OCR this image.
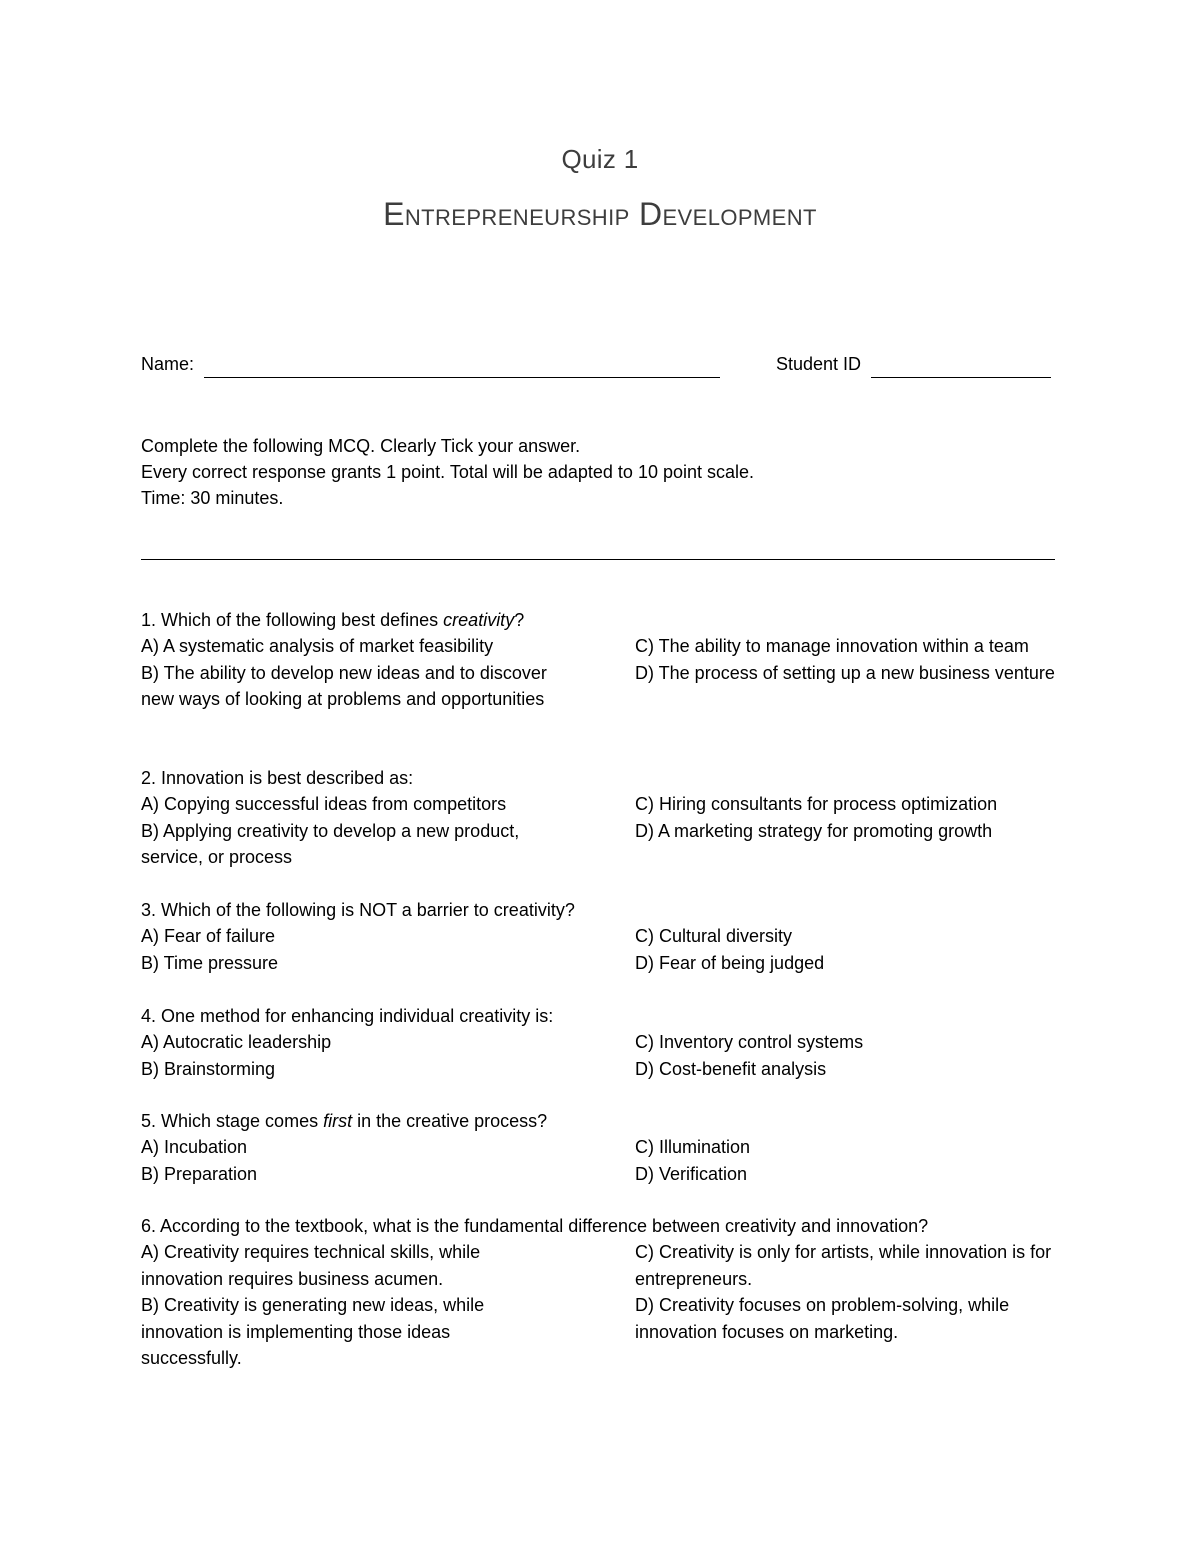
Quiz 1
Entrepreneurship Development
Name:	Student ID
Complete the following MCQ. Clearly Tick your answer.
Every correct response grants 1 point. Total will be adapted to 10 point scale.
Time: 30 minutes.
1. Which of the following best defines creativity?

A) A systematic analysis of market feasibility

B) The ability to develop new ideas and to discover new ways of looking at problems and opportunities

C) The ability to manage innovation within a team

D) The process of setting up a new business venture

2. Innovation is best described as:

A) Copying successful ideas from competitors

B) Applying creativity to develop a new product, service, or process

C) Hiring consultants for process optimization

D) A marketing strategy for promoting growth

3. Which of the following is NOT a barrier to creativity?

A) Fear of failure

B) Time pressure

C) Cultural diversity

D) Fear of being judged

4. One method for enhancing individual creativity is:

A) Autocratic leadership

B) Brainstorming

C) Inventory control systems

D) Cost-benefit analysis

5. Which stage comes first in the creative process?

A) Incubation

B) Preparation

C) Illumination

D) Verification

6. According to the textbook, what is the fundamental difference between creativity and innovation?

A) Creativity requires technical skills, while innovation requires business acumen.

B) Creativity is generating new ideas, while innovation is implementing those ideas successfully.

C) Creativity is only for artists, while innovation is for entrepreneurs.

D) Creativity focuses on problem-solving, while innovation focuses on marketing.
